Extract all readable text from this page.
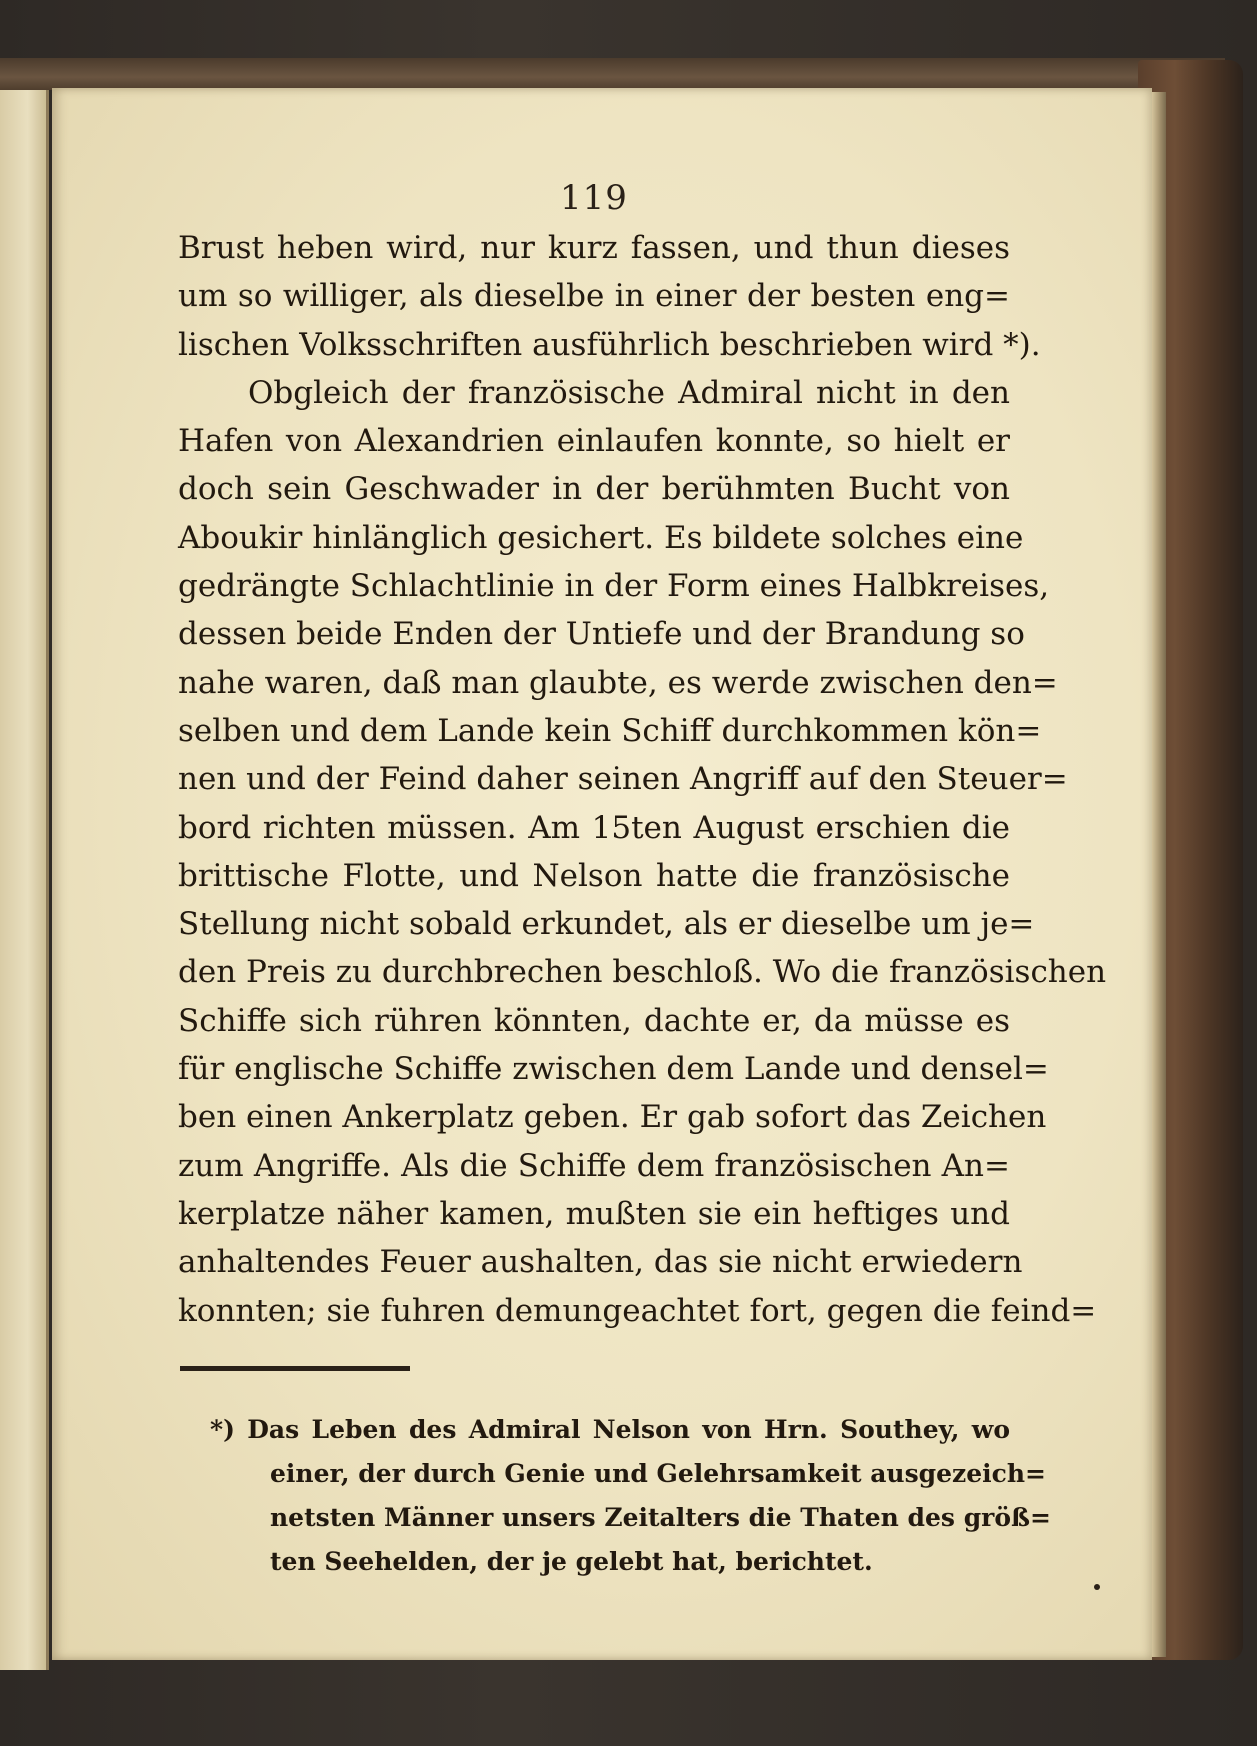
119
Brust heben wird, nur kurz fassen, und thun dieses
um so williger, als dieselbe in einer der besten eng=
lischen Volksschriften ausführlich beschrieben wird *).
Obgleich der französische Admiral nicht in den
Hafen von Alexandrien einlaufen konnte, so hielt er
doch sein Geschwader in der berühmten Bucht von
Aboukir hinlänglich gesichert. Es bildete solches eine
gedrängte Schlachtlinie in der Form eines Halbkreises,
dessen beide Enden der Untiefe und der Brandung so
nahe waren, daß man glaubte, es werde zwischen den=
selben und dem Lande kein Schiff durchkommen kön=
nen und der Feind daher seinen Angriff auf den Steuer=
bord richten müssen. Am 15ten August erschien die
brittische Flotte, und Nelson hatte die französische
Stellung nicht sobald erkundet, als er dieselbe um je=
den Preis zu durchbrechen beschloß. Wo die französischen
Schiffe sich rühren könnten, dachte er, da müsse es
für englische Schiffe zwischen dem Lande und densel=
ben einen Ankerplatz geben. Er gab sofort das Zeichen
zum Angriffe. Als die Schiffe dem französischen An=
kerplatze näher kamen, mußten sie ein heftiges und
anhaltendes Feuer aushalten, das sie nicht erwiedern
konnten; sie fuhren demungeachtet fort, gegen die feind=
*) Das Leben des Admiral Nelson von Hrn. Southey, wo
einer, der durch Genie und Gelehrsamkeit ausgezeich=
netsten Männer unsers Zeitalters die Thaten des größ=
ten Seehelden, der je gelebt hat, berichtet.
